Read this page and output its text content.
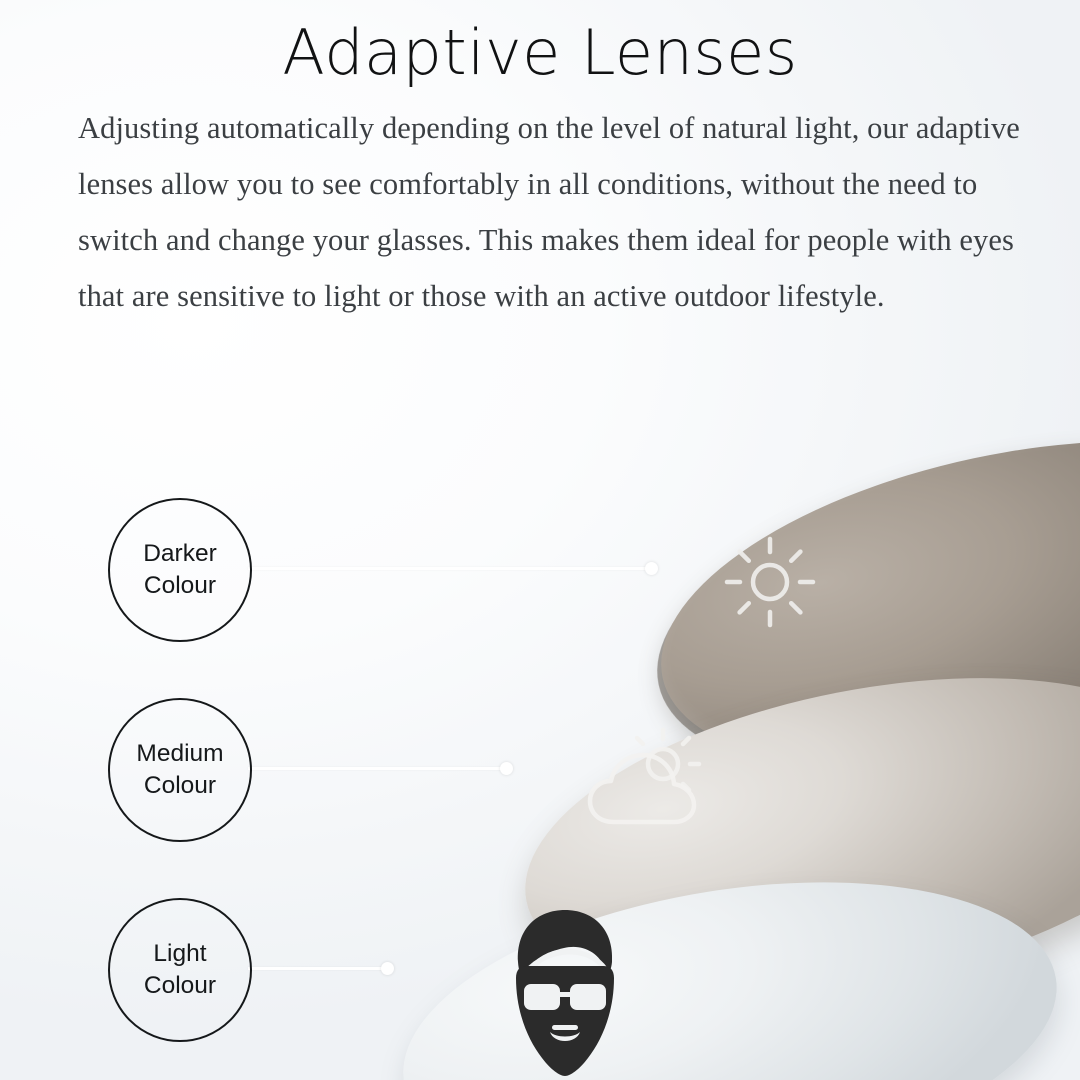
Adaptive Lenses
Adjusting automatically depending on the level of natural light, our adaptive lenses allow you to see comfortably in all conditions, without the need to switch and change your glasses. This makes them ideal for people with eyes that are sensitive to light or those with an active outdoor lifestyle.
Darker
Colour
Medium
Colour
Light
Colour
